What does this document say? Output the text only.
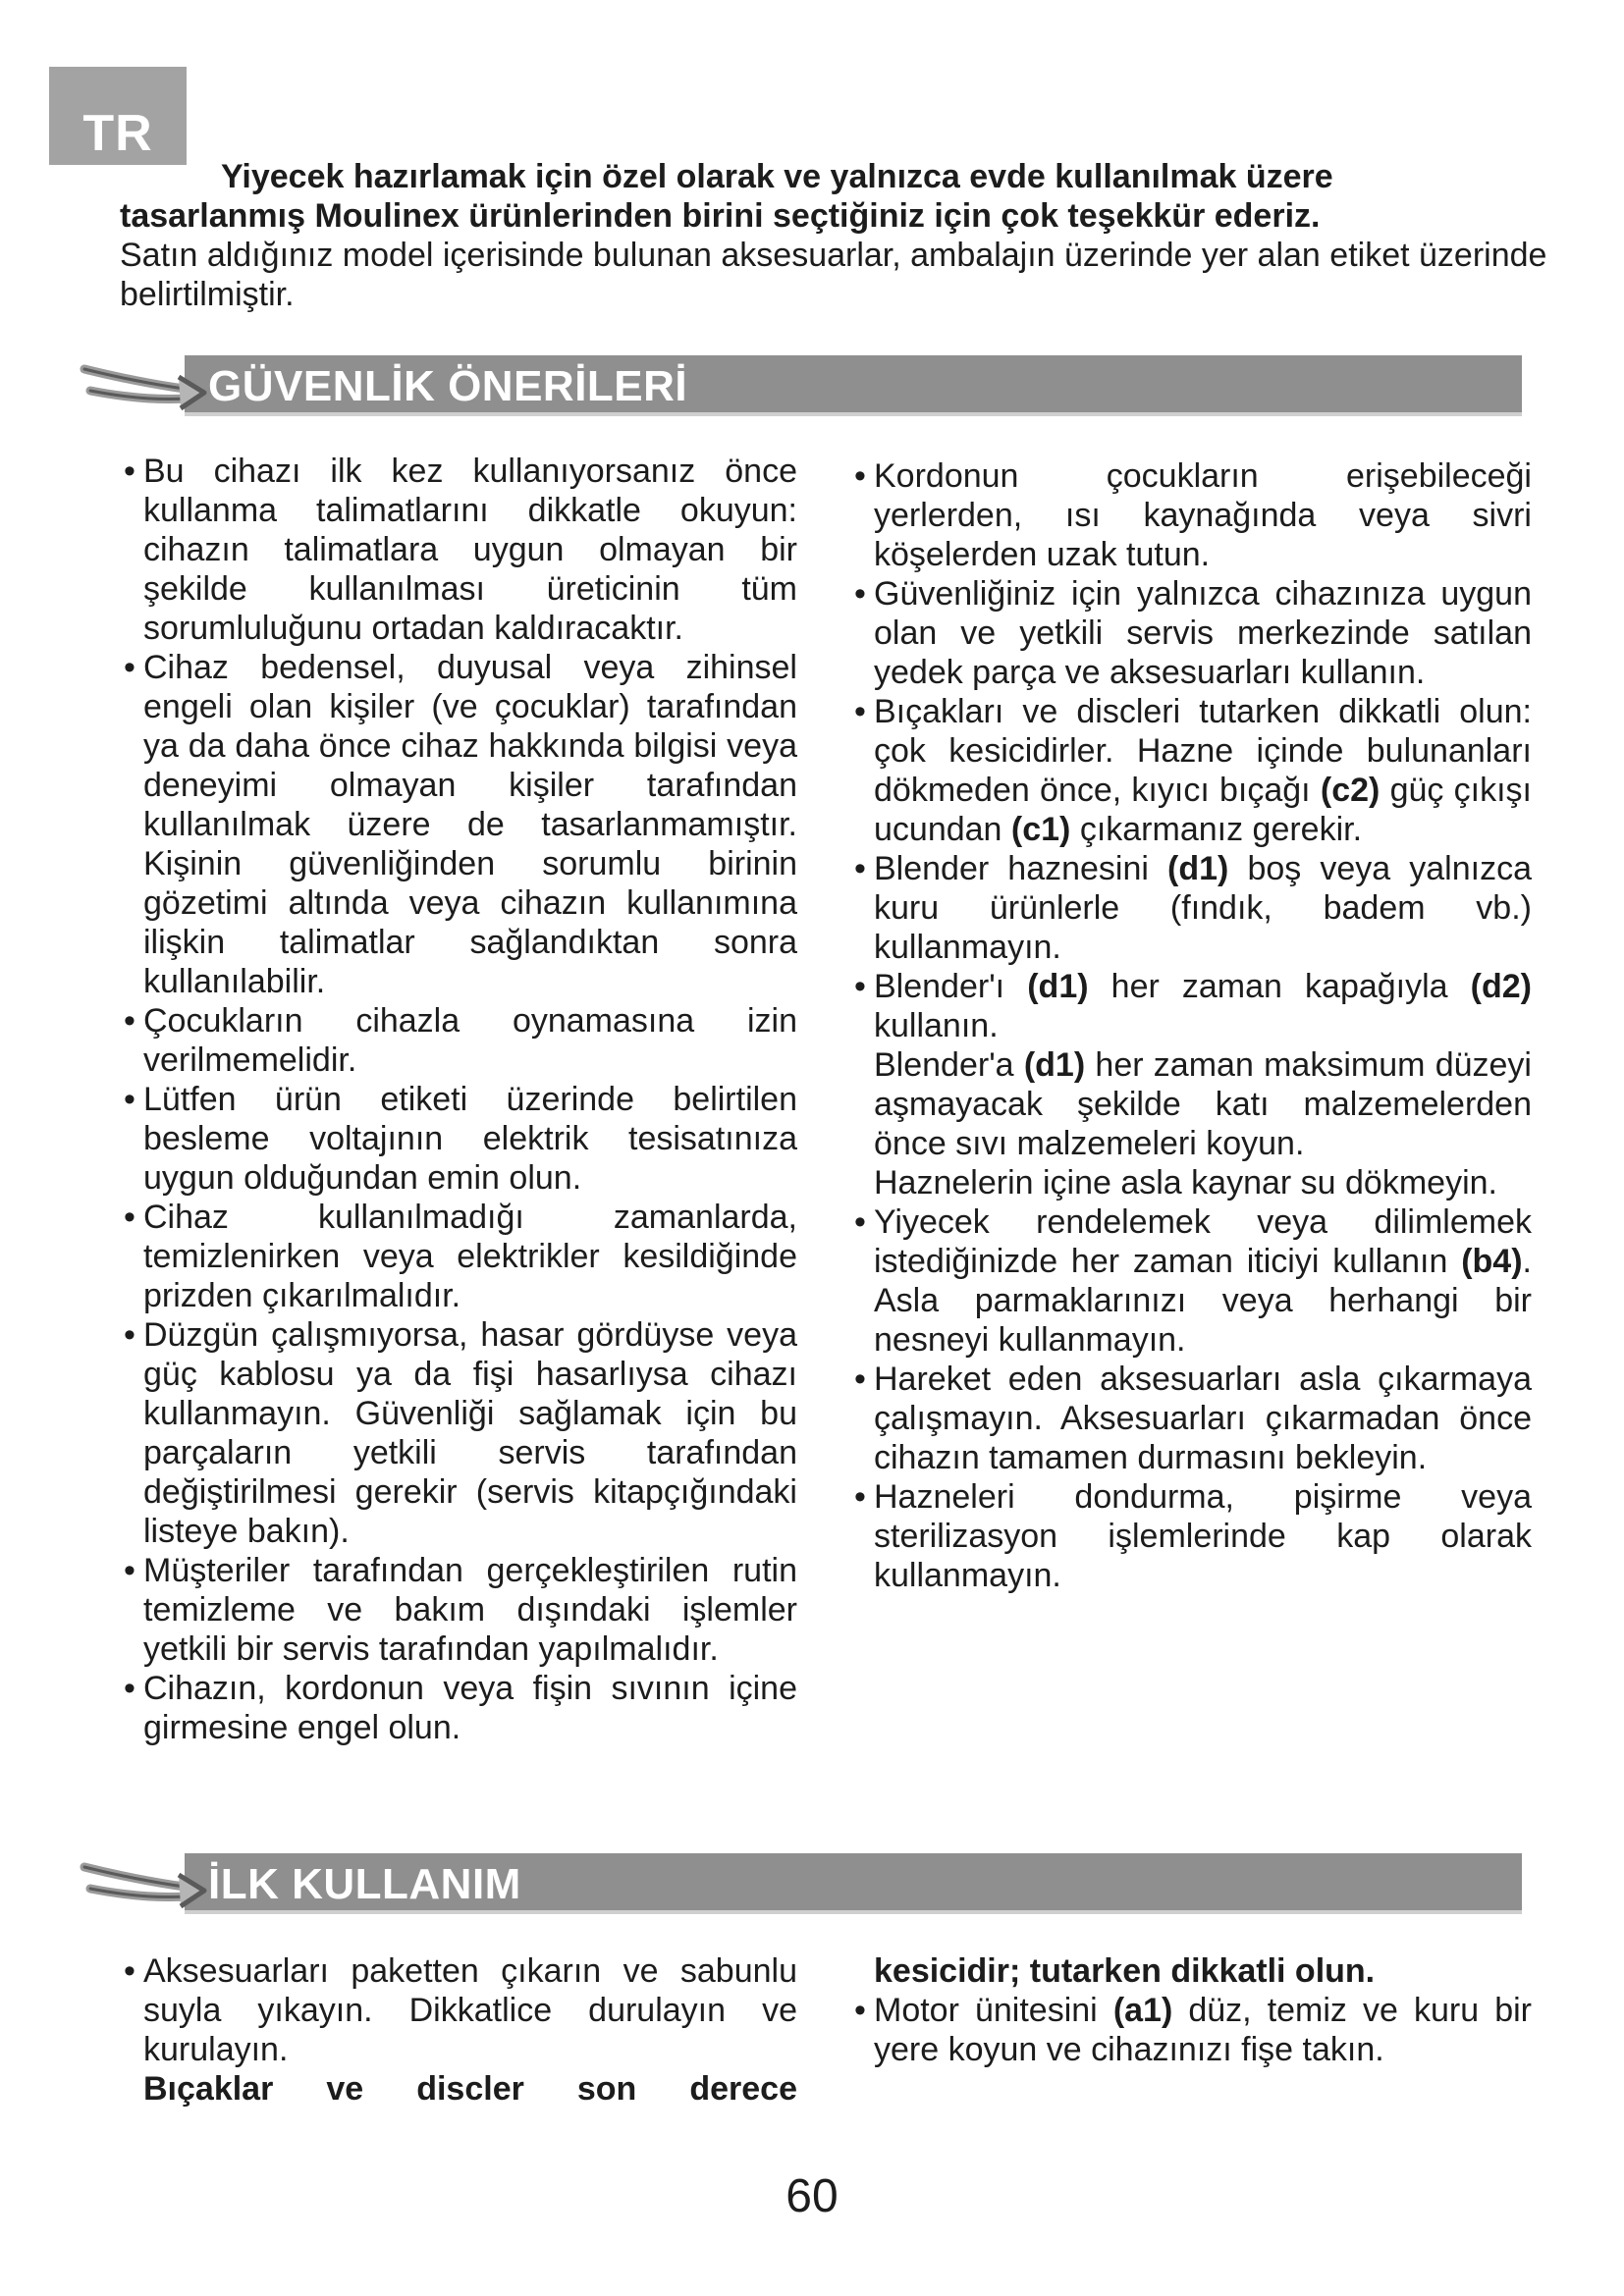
TR
Yiyecek hazırlamak için özel olarak ve yalnızca evde kullanılmak üzere
tasarlanmış Moulinex ürünlerinden birini seçtiğiniz için çok teşekkür ederiz.
Satın aldığınız model içerisinde bulunan aksesuarlar, ambalajın üzerinde yer alan etiket üzerinde belirtilmiştir.
GÜVENLİK ÖNERİLERİ
• Bu cihazı ilk kez kullanıyorsanız önce kullanma talimatlarını dikkatle okuyun: cihazın talimatlara uygun olmayan bir şekilde kullanılması üreticinin tüm sorumluluğunu ortadan kaldıracaktır.
• Cihaz bedensel, duyusal veya zihinsel engeli olan kişiler (ve çocuklar) tarafından ya da daha önce cihaz hakkında bilgisi veya deneyimi olmayan kişiler tarafından kullanılmak üzere de tasarlanmamıştır. Kişinin güvenliğinden sorumlu birinin gözetimi altında veya cihazın kullanımına ilişkin talimatlar sağlandıktan sonra kullanılabilir.
• Çocukların cihazla oynamasına izin verilmemelidir.
• Lütfen ürün etiketi üzerinde belirtilen besleme voltajının elektrik tesisatınıza uygun olduğundan emin olun.
• Cihaz kullanılmadığı zamanlarda, temizlenirken veya elektrikler kesildiğinde prizden çıkarılmalıdır.
• Düzgün çalışmıyorsa, hasar gördüyse veya güç kablosu ya da fişi hasarlıysa cihazı kullanmayın. Güvenliği sağlamak için bu parçaların yetkili servis tarafından değiştirilmesi gerekir (servis kitapçığındaki listeye bakın).
• Müşteriler tarafından gerçekleştirilen rutin temizleme ve bakım dışındaki işlemler yetkili bir servis tarafından yapılmalıdır.
• Cihazın, kordonun veya fişin sıvının içine girmesine engel olun.
• Kordonun çocukların erişebileceği yerlerden, ısı kaynağında veya sivri köşelerden uzak tutun.
• Güvenliğiniz için yalnızca cihazınıza uygun olan ve yetkili servis merkezinde satılan yedek parça ve aksesuarları kullanın.
• Bıçakları ve discleri tutarken dikkatli olun: çok kesicidirler. Hazne içinde bulunanları dökmeden önce, kıyıcı bıçağı (c2) güç çıkışı ucundan (c1) çıkarmanız gerekir.
• Blender haznesini (d1) boş veya yalnızca kuru ürünlerle (fındık, badem vb.) kullanmayın.
• Blender'ı (d1) her zaman kapağıyla (d2) kullanın.
Blender'a (d1) her zaman maksimum düzeyi aşmayacak şekilde katı malzemelerden önce sıvı malzemeleri koyun.
Haznelerin içine asla kaynar su dökmeyin.
• Yiyecek rendelemek veya dilimlemek istediğinizde her zaman iticiyi kullanın (b4). Asla parmaklarınızı veya herhangi bir nesneyi kullanmayın.
• Hareket eden aksesuarları asla çıkarmaya çalışmayın. Aksesuarları çıkarmadan önce cihazın tamamen durmasını bekleyin.
• Hazneleri dondurma, pişirme veya sterilizasyon işlemlerinde kap olarak kullanmayın.
İLK KULLANIM
• Aksesuarları paketten çıkarın ve sabunlu suyla yıkayın. Dikkatlice durulayın ve kurulayın.
Bıçaklar ve discler son derece
kesicidir; tutarken dikkatli olun.
• Motor ünitesini (a1) düz, temiz ve kuru bir yere koyun ve cihazınızı fişe takın.
60
